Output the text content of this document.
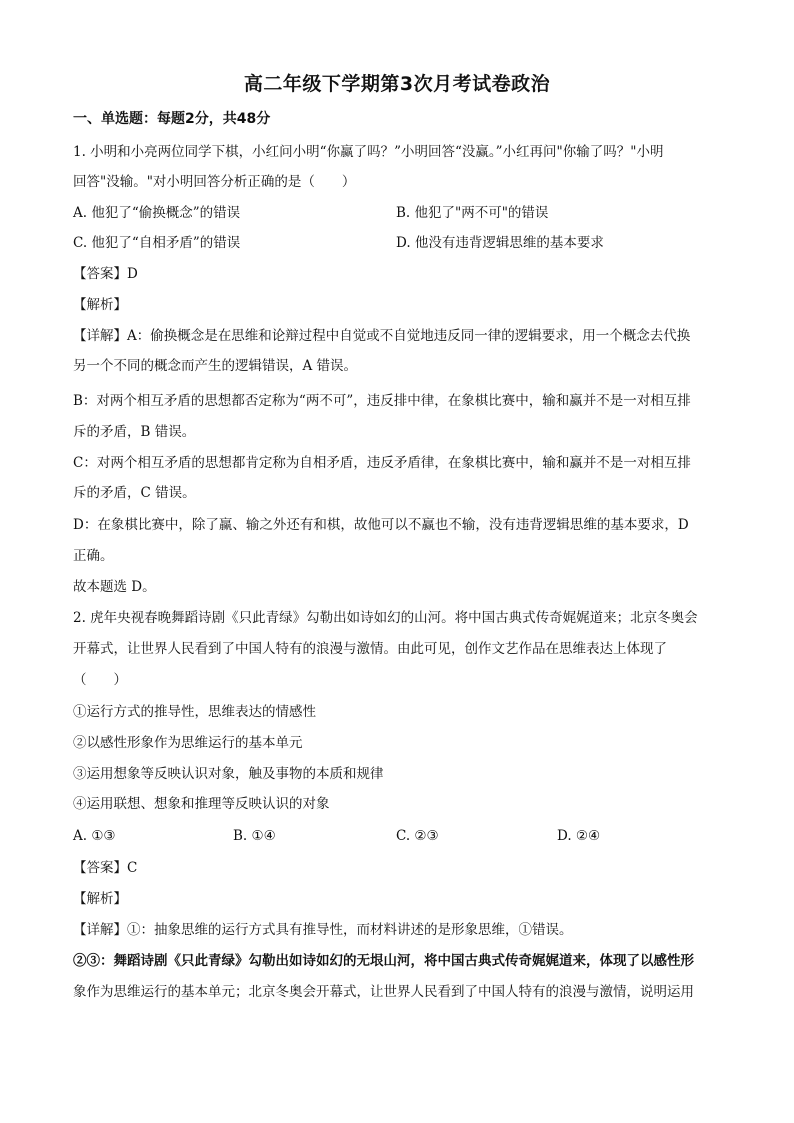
高二年级下学期第3次月考试卷政治
一、单选题：每题2分，共48分
1. 小明和小亮两位同学下棋，小红问小明“你赢了吗？”小明回答“没赢。”小红再问"你输了吗？"小明
回答"没输。"对小明回答分析正确的是（　　）
A. 他犯了“偷换概念”的错误	B. 他犯了"两不可"的错误
C. 他犯了“自相矛盾”的错误	D. 他没有违背逻辑思维的基本要求
【答案】D
【解析】
【详解】A：偷换概念是在思维和论辩过程中自觉或不自觉地违反同一律的逻辑要求，用一个概念去代换
另一个不同的概念而产生的逻辑错误，A 错误。
B：对两个相互矛盾的思想都否定称为“两不可”，违反排中律，在象棋比赛中，输和赢并不是一对相互排
斥的矛盾，B 错误。
C：对两个相互矛盾的思想都肯定称为自相矛盾，违反矛盾律，在象棋比赛中，输和赢并不是一对相互排
斥的矛盾，C 错误。
D：在象棋比赛中，除了赢、输之外还有和棋，故他可以不赢也不输，没有违背逻辑思维的基本要求，D
正确。
故本题选 D。
2. 虎年央视春晚舞蹈诗剧《只此青绿》勾勒出如诗如幻的山河。将中国古典式传奇娓娓道来；北京冬奥会
开幕式，让世界人民看到了中国人特有的浪漫与激情。由此可见，创作文艺作品在思维表达上体现了
（　　）
①运行方式的推导性，思维表达的情感性
②以感性形象作为思维运行的基本单元
③运用想象等反映认识对象，触及事物的本质和规律
④运用联想、想象和推理等反映认识的对象
A. ①③	B. ①④	C. ②③	D. ②④
【答案】C
【解析】
【详解】①：抽象思维的运行方式具有推导性，而材料讲述的是形象思维，①错误。
②③：舞蹈诗剧《只此青绿》勾勒出如诗如幻的无垠山河，将中国古典式传奇娓娓道来，体现了以感性形
象作为思维运行的基本单元；北京冬奥会开幕式，让世界人民看到了中国人特有的浪漫与激情，说明运用
